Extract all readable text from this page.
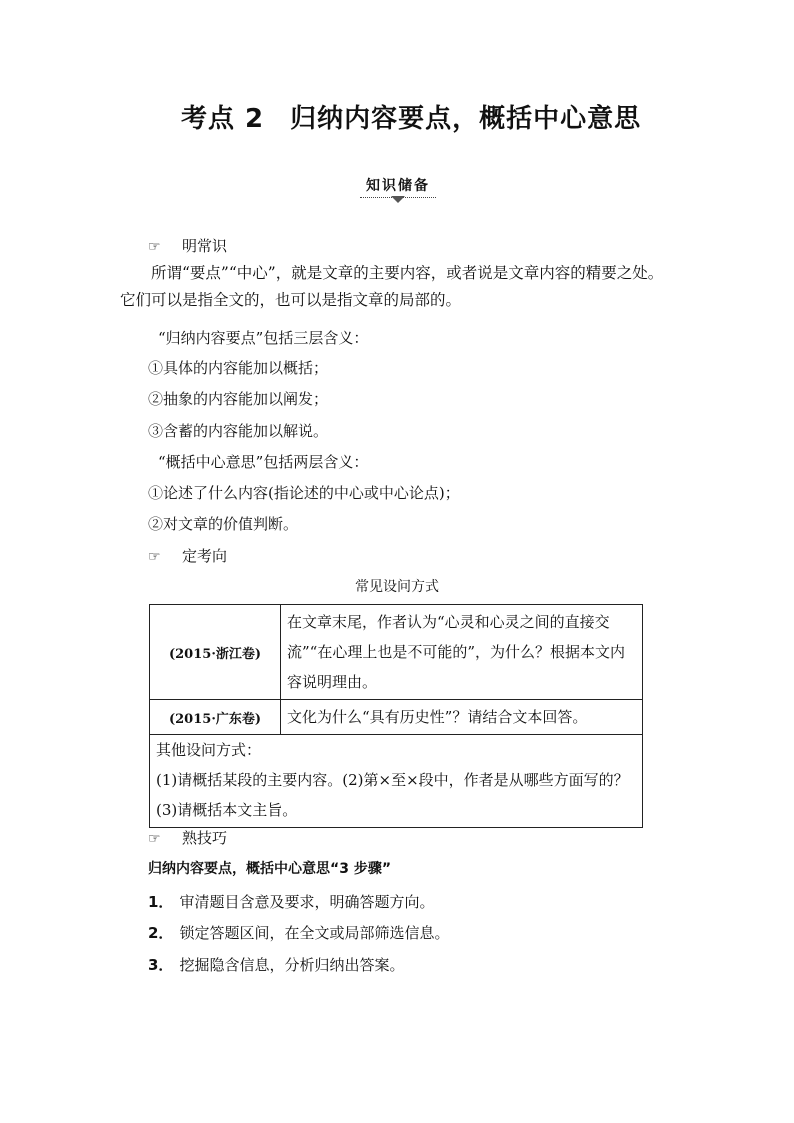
考点 2 归纳内容要点，概括中心意思
知识储备
☞ 明常识
所谓“要点”“中心”，就是文章的主要内容，或者说是文章内容的精要之处。它们可以是指全文的，也可以是指文章的局部的。
“归纳内容要点”包括三层含义：
①具体的内容能加以概括；
②抽象的内容能加以阐发；
③含蓄的内容能加以解说。
“概括中心意思”包括两层含义：
①论述了什么内容(指论述的中心或中心论点)；
②对文章的价值判断。
☞ 定考向
常见设问方式
(2015·浙江卷)	在文章末尾，作者认为“心灵和心灵之间的直接交流”“在心理上也是不可能的”，为什么？根据本文内容说明理由。
(2015·广东卷)	文化为什么“具有历史性”？请结合文本回答。

其他设问方式：
(1)请概括某段的主要内容。(2)第×至×段中，作者是从哪些方面写的？
(3)请概括本文主旨。	
☞ 熟技巧
归纳内容要点，概括中心意思“3 步骤”
1． 审清题目含意及要求，明确答题方向。
2． 锁定答题区间，在全文或局部筛选信息。
3． 挖掘隐含信息，分析归纳出答案。
